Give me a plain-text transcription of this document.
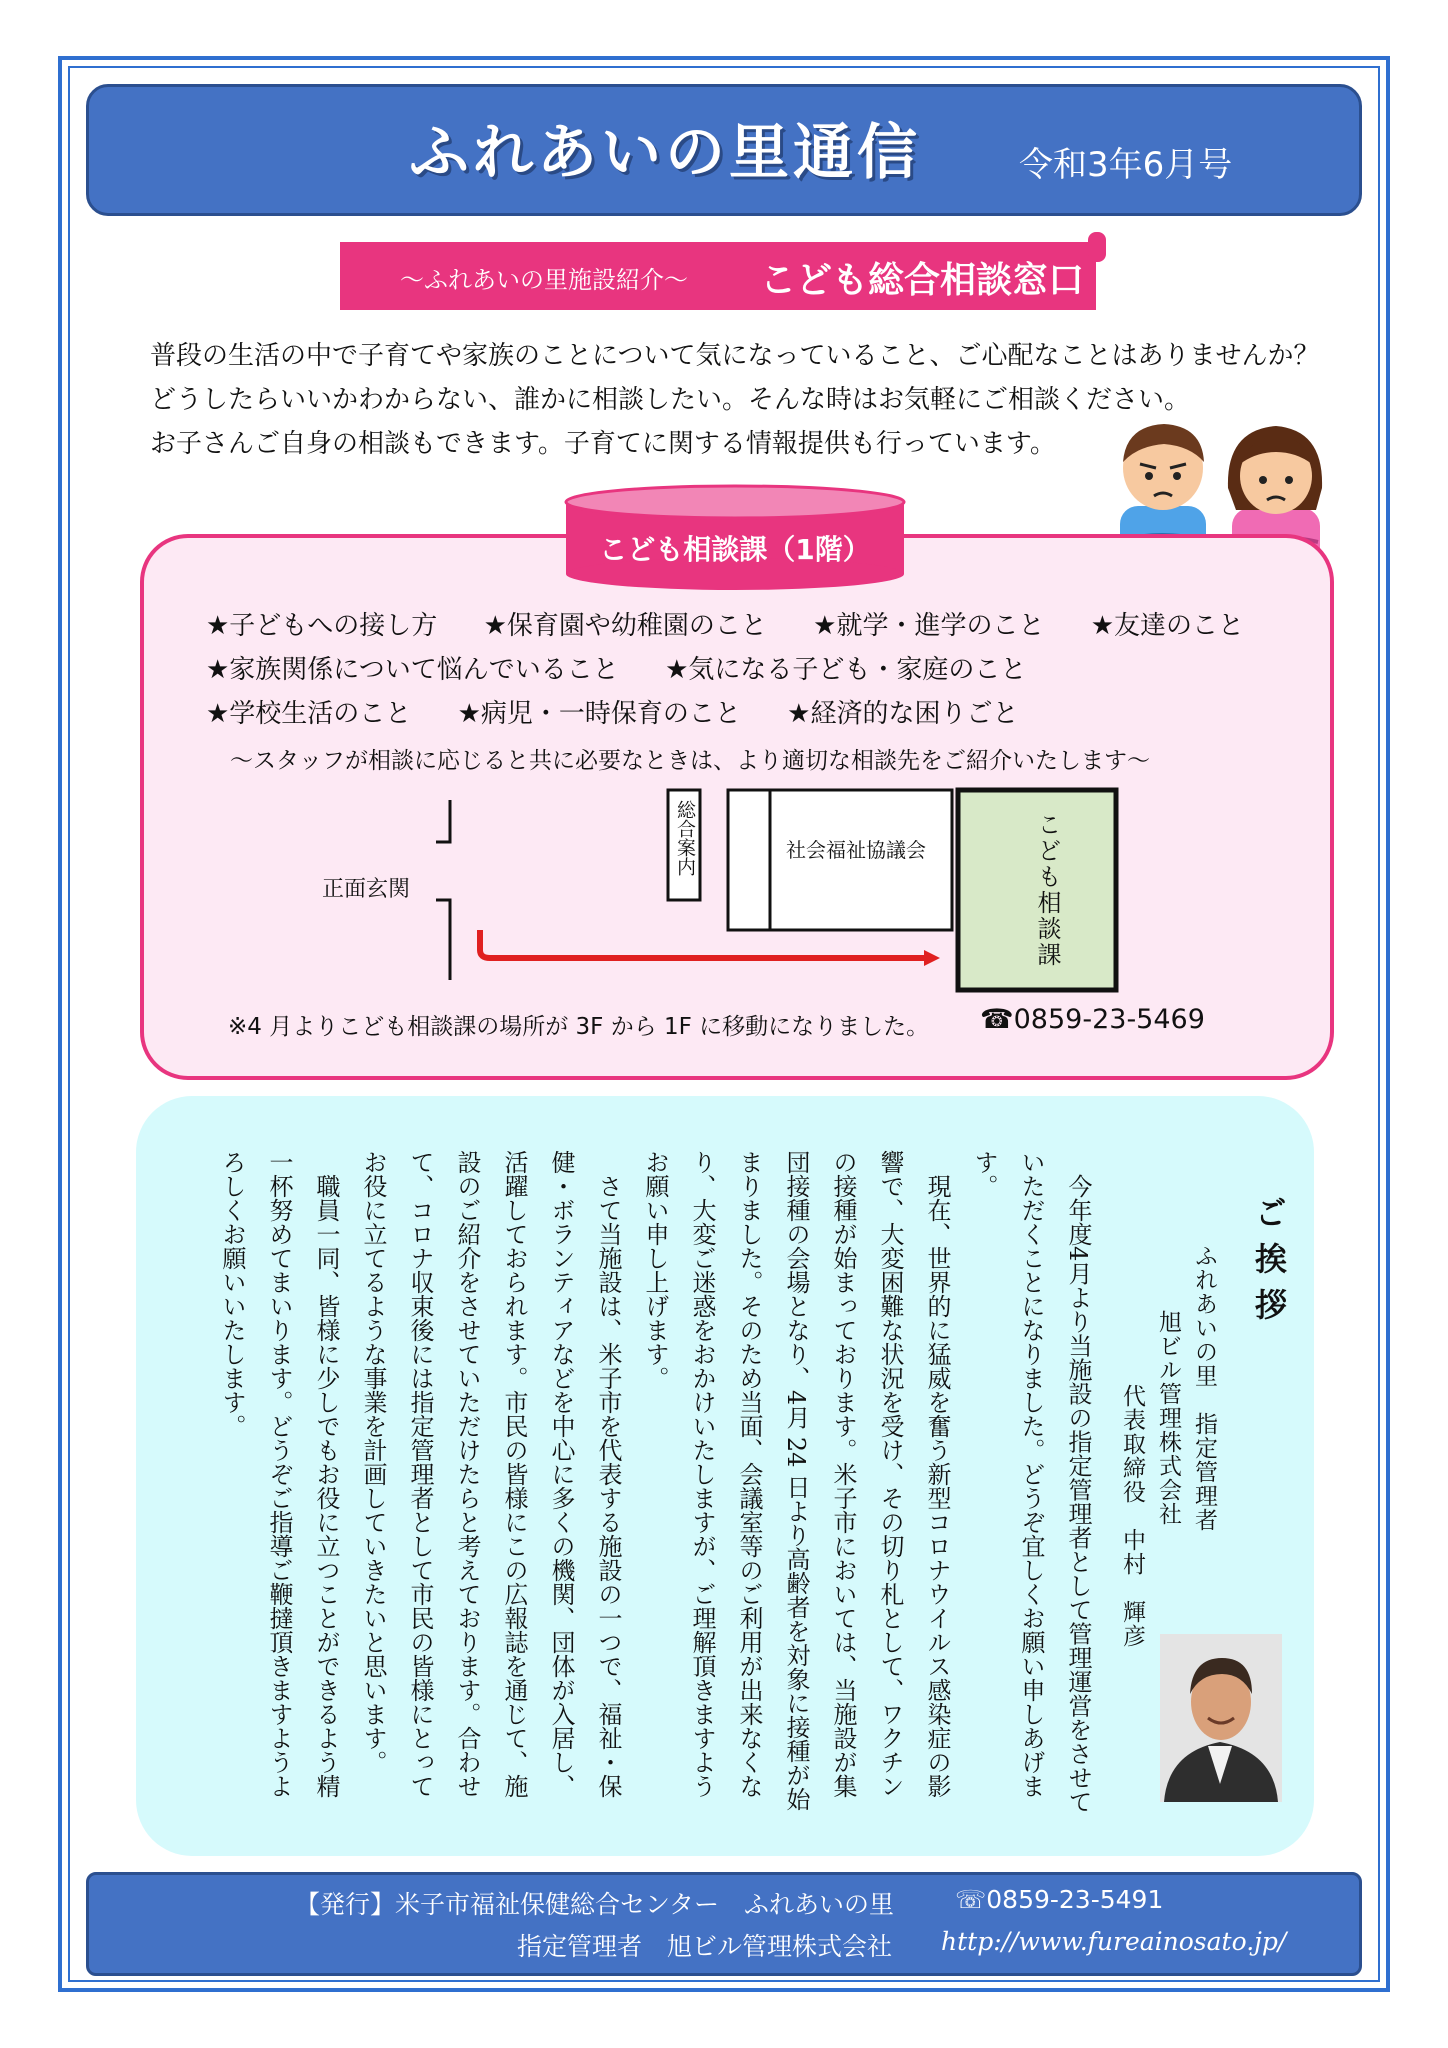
ふれあいの里通信	令和3年6月号
～ふれあいの里施設紹介～ こども総合相談窓口

普段の生活の中で子育てや家族のことについて気になっていること、ご心配なことはありませんか？

どうしたらいいかわからない、誰かに相談したい。そんな時はお気軽にご相談ください。

お子さんご自身の相談もできます。子育てに関する情報提供も行っています。

こども相談課（1階）
★子どもへの接し方 ★保育園や幼稚園のこと ★就学・進学のこと ★友達のこと
★家族関係について悩んでいること ★気になる子ども・家庭のこと
★学校生活のこと ★病児・一時保育のこと ★経済的な困りごと
～スタッフが相談に応じると共に必要なときは、より適切な相談先をご紹介いたします～
正面玄関
総合案内	社会福祉協議会	こども相談課
※4 月よりこども相談課の場所が 3F から 1F に移動になりました。 ☎0859-23-5469
ご挨拶
ふれあいの里　指定管理者
旭ビル管理株式会社
代表取締役　中村　輝彦

今年度4月より当施設の指定管理者として管理運営をさせていただくことになりました。どうぞ宜しくお願い申しあげます。

現在、世界的に猛威を奮う新型コロナウイルス感染症の影響で、大変困難な状況を受け、その切り札として、ワクチンの接種が始まっております。米子市においては、当施設が集団接種の会場となり、4月 24 日より高齢者を対象に接種が始まりました。そのため当面、会議室等のご利用が出来なくなり、大変ご迷惑をおかけいたしますが、ご理解頂きますようお願い申し上げます。

さて当施設は、米子市を代表する施設の一つで、福祉・保健・ボランティアなどを中心に多くの機関、団体が入居し、活躍しておられます。市民の皆様にこの広報誌を通じて、施設のご紹介をさせていただけたらと考えております。合わせて、コロナ収束後には指定管理者として市民の皆様にとってお役に立てるような事業を計画していきたいと思います。

職員一同、皆様に少しでもお役に立つことができるよう精一杯努めてまいります。どうぞご指導ご鞭撻頂きますようよろしくお願いいたします。

【発行】米子市福祉保健総合センター　ふれあいの里 ☏0859-23-5491
指定管理者　旭ビル管理株式会社 http://www.fureainosato.jp/
